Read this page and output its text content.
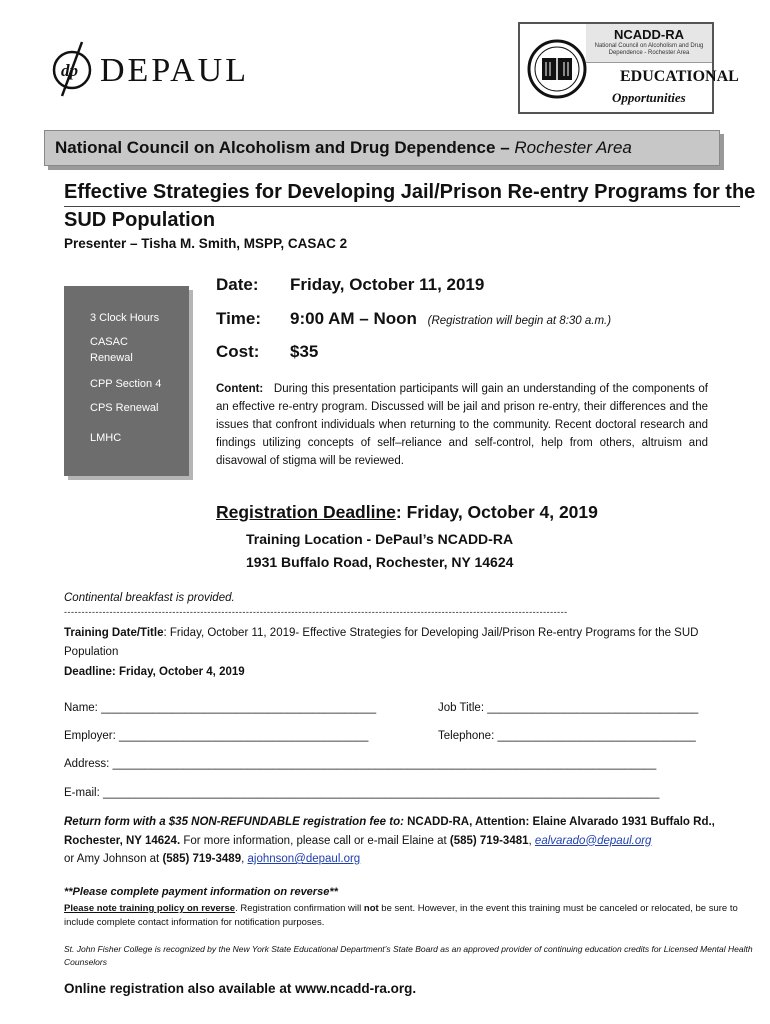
dp DEPAUL
NCADD-RA
National Council on Alcoholism and Drug Dependence - Rochester Area
EDUCATIONAL
Opportunities
National Council on Alcoholism and Drug Dependence – Rochester Area
Effective Strategies for Developing Jail/Prison Re-entry Programs for the
SUD Population
Presenter – Tisha M. Smith, MSPP, CASAC 2
3 Clock Hours
CASAC
Renewal
CPP Section 4
CPS Renewal
LMHC
Date: Friday, October 11, 2019
Time: 9:00 AM – Noon (Registration will begin at 8:30 a.m.)
Cost: $35
Content: During this presentation participants will gain an understanding of the components of an effective re-entry program. Discussed will be jail and prison re-entry, their differences and the issues that confront individuals when returning to the community. Recent doctoral research and findings utilizing concepts of self–reliance and self-control, help from others, altruism and disavowal of stigma will be reviewed.
Registration Deadline: Friday, October 4, 2019
Training Location - DePaul’s NCADD-RA
1931 Buffalo Road, Rochester, NY 14624
Continental breakfast is provided.
------------------------------------------------------------------------------------------------------------------------------------------------
Training Date/Title: Friday, October 11, 2019- Effective Strategies for Developing Jail/Prison Re-entry Programs for the SUD Population
Deadline: Friday, October 4, 2019
Name: ___________________________________________	Job Title: _________________________________
Employer: _______________________________________	Telephone: _______________________________
Address: _____________________________________________________________________________________
E-mail: _______________________________________________________________________________________
Return form with a $35 NON-REFUNDABLE registration fee to: NCADD-RA, Attention: Elaine Alvarado 1931 Buffalo Rd., Rochester, NY 14624. For more information, please call or e-mail Elaine at (585) 719-3481, ealvarado@depaul.org
or Amy Johnson at (585) 719-3489, ajohnson@depaul.org
**Please complete payment information on reverse**
Please note training policy on reverse. Registration confirmation will not be sent. However, in the event this training must be canceled or relocated, be sure to include complete contact information for notification purposes.
St. John Fisher College is recognized by the New York State Educational Department’s State Board as an approved provider of continuing education credits for Licensed Mental Health Counselors
Online registration also available at www.ncadd-ra.org.
